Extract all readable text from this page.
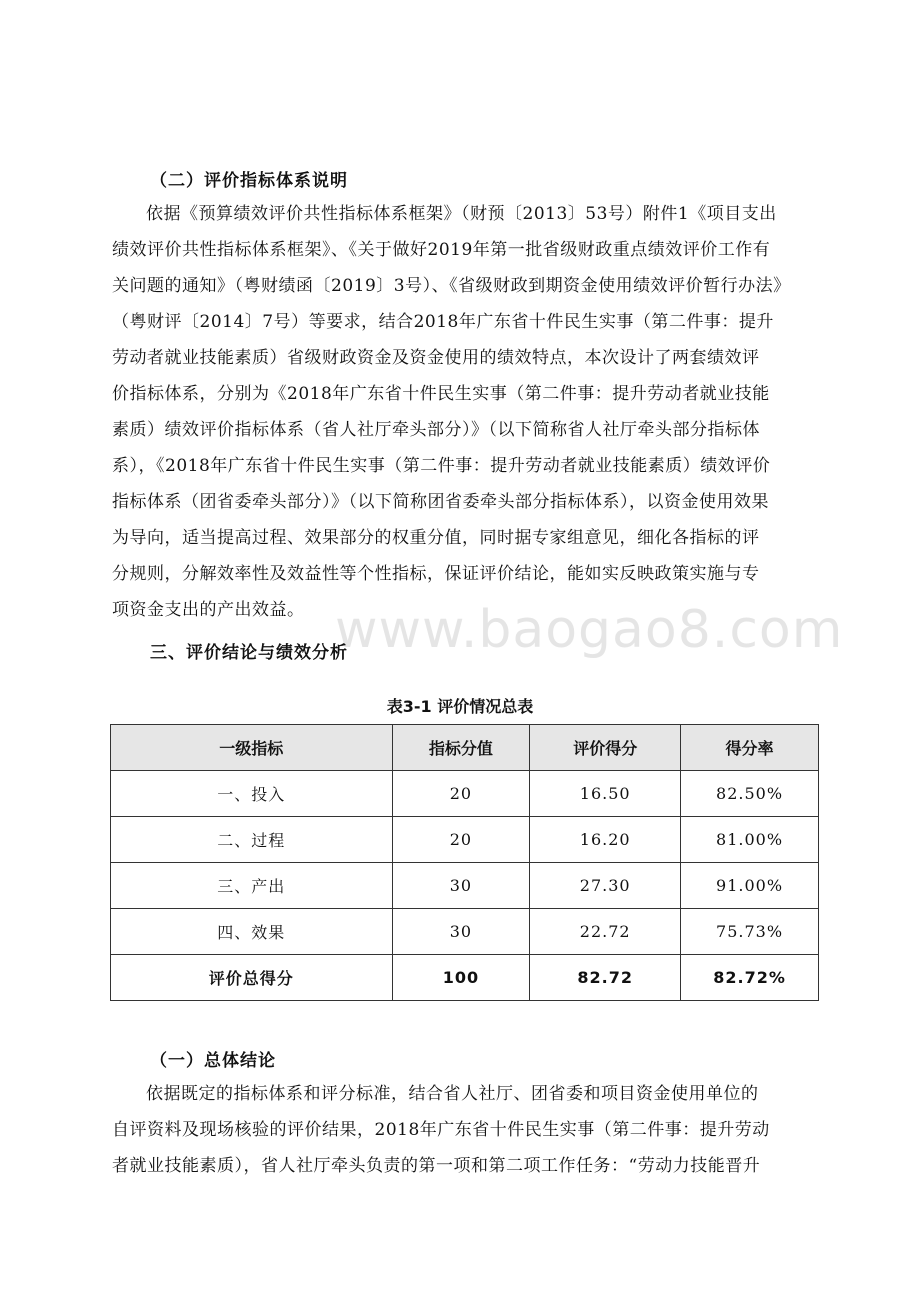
（二）评价指标体系说明
依据《预算绩效评价共性指标体系框架》（财预〔2013〕53号）附件1《项目支出
绩效评价共性指标体系框架》、《关于做好2019年第一批省级财政重点绩效评价工作有
关问题的通知》（粤财绩函〔2019〕3号）、《省级财政到期资金使用绩效评价暂行办法》
（粤财评〔2014〕7号）等要求，结合2018年广东省十件民生实事（第二件事：提升
劳动者就业技能素质）省级财政资金及资金使用的绩效特点，本次设计了两套绩效评
价指标体系，分别为《2018年广东省十件民生实事（第二件事：提升劳动者就业技能
素质）绩效评价指标体系（省人社厅牵头部分）》（以下简称省人社厅牵头部分指标体
系），《2018年广东省十件民生实事（第二件事：提升劳动者就业技能素质）绩效评价
指标体系（团省委牵头部分）》（以下简称团省委牵头部分指标体系），以资金使用效果
为导向，适当提高过程、效果部分的权重分值，同时据专家组意见，细化各指标的评
分规则，分解效率性及效益性等个性指标，保证评价结论，能如实反映政策实施与专
项资金支出的产出效益。 www.baogao8.com
三、评价结论与绩效分析
表3-1 评价情况总表
一级指标	指标分值	评价得分	得分率
一、投入	20	16.50	82.50%
二、过程	20	16.20	81.00%
三、产出	30	27.30	91.00%
四、效果	30	22.72	75.73%
评价总得分	100	82.72	82.72%
（一）总体结论
依据既定的指标体系和评分标准，结合省人社厅、团省委和项目资金使用单位的
自评资料及现场核验的评价结果，2018年广东省十件民生实事（第二件事：提升劳动
者就业技能素质），省人社厅牵头负责的第一项和第二项工作任务：“劳动力技能晋升
